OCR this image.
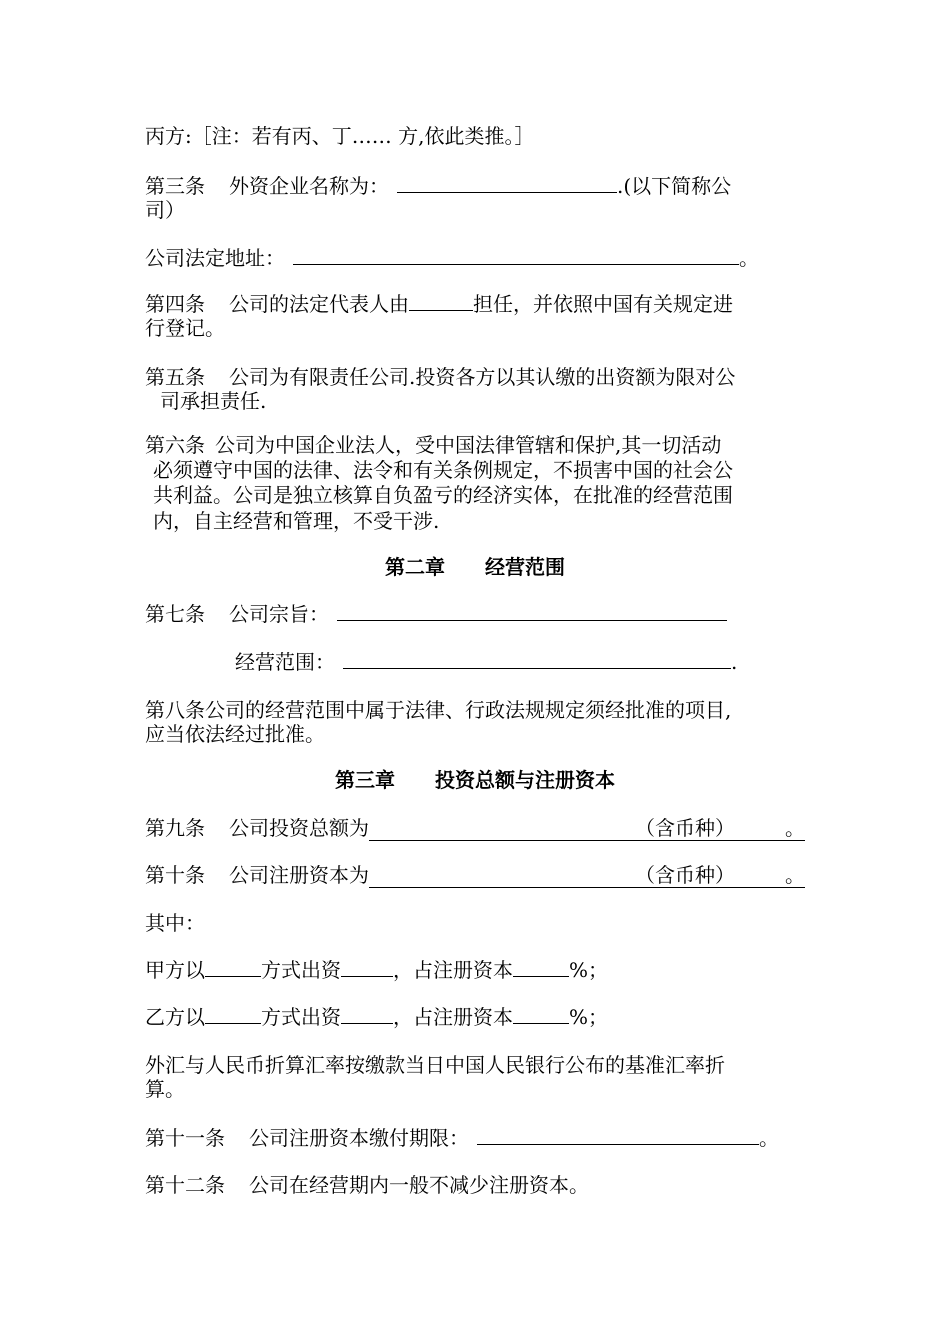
丙方:［注：若有丙、丁…… 方,依此类推。］
第三条 外资企业名称为：	.(以下简称公
司）
公司法定地址：	。
第四条 公司的法定代表人由	担任，并依照中国有关规定进
行登记。
第五条 公司为有限责任公司.投资各方以其认缴的出资额为限对公
司承担责任.
第六条 公司为中国企业法人，受中国法律管辖和保护,其一切活动
必须遵守中国的法律、法令和有关条例规定，不损害中国的社会公
共利益。公司是独立核算自负盈亏的经济实体，在批准的经营范围
内，自主经营和管理，不受干涉.
第二章　　经营范围
第七条 公司宗旨：
经营范围：	.
第八条公司的经营范围中属于法律、行政法规规定须经批准的项目,
应当依法经过批准。
第三章　　投资总额与注册资本
第九条 公司投资总额为	（含币种）	。
第十条 公司注册资本为	（含币种）	。
其中：
甲方以	方式出资	，占注册资本	%；
乙方以	方式出资	，占注册资本	%；
外汇与人民币折算汇率按缴款当日中国人民银行公布的基准汇率折
算。
第十一条 公司注册资本缴付期限：	。
第十二条 公司在经营期内一般不减少注册资本。
